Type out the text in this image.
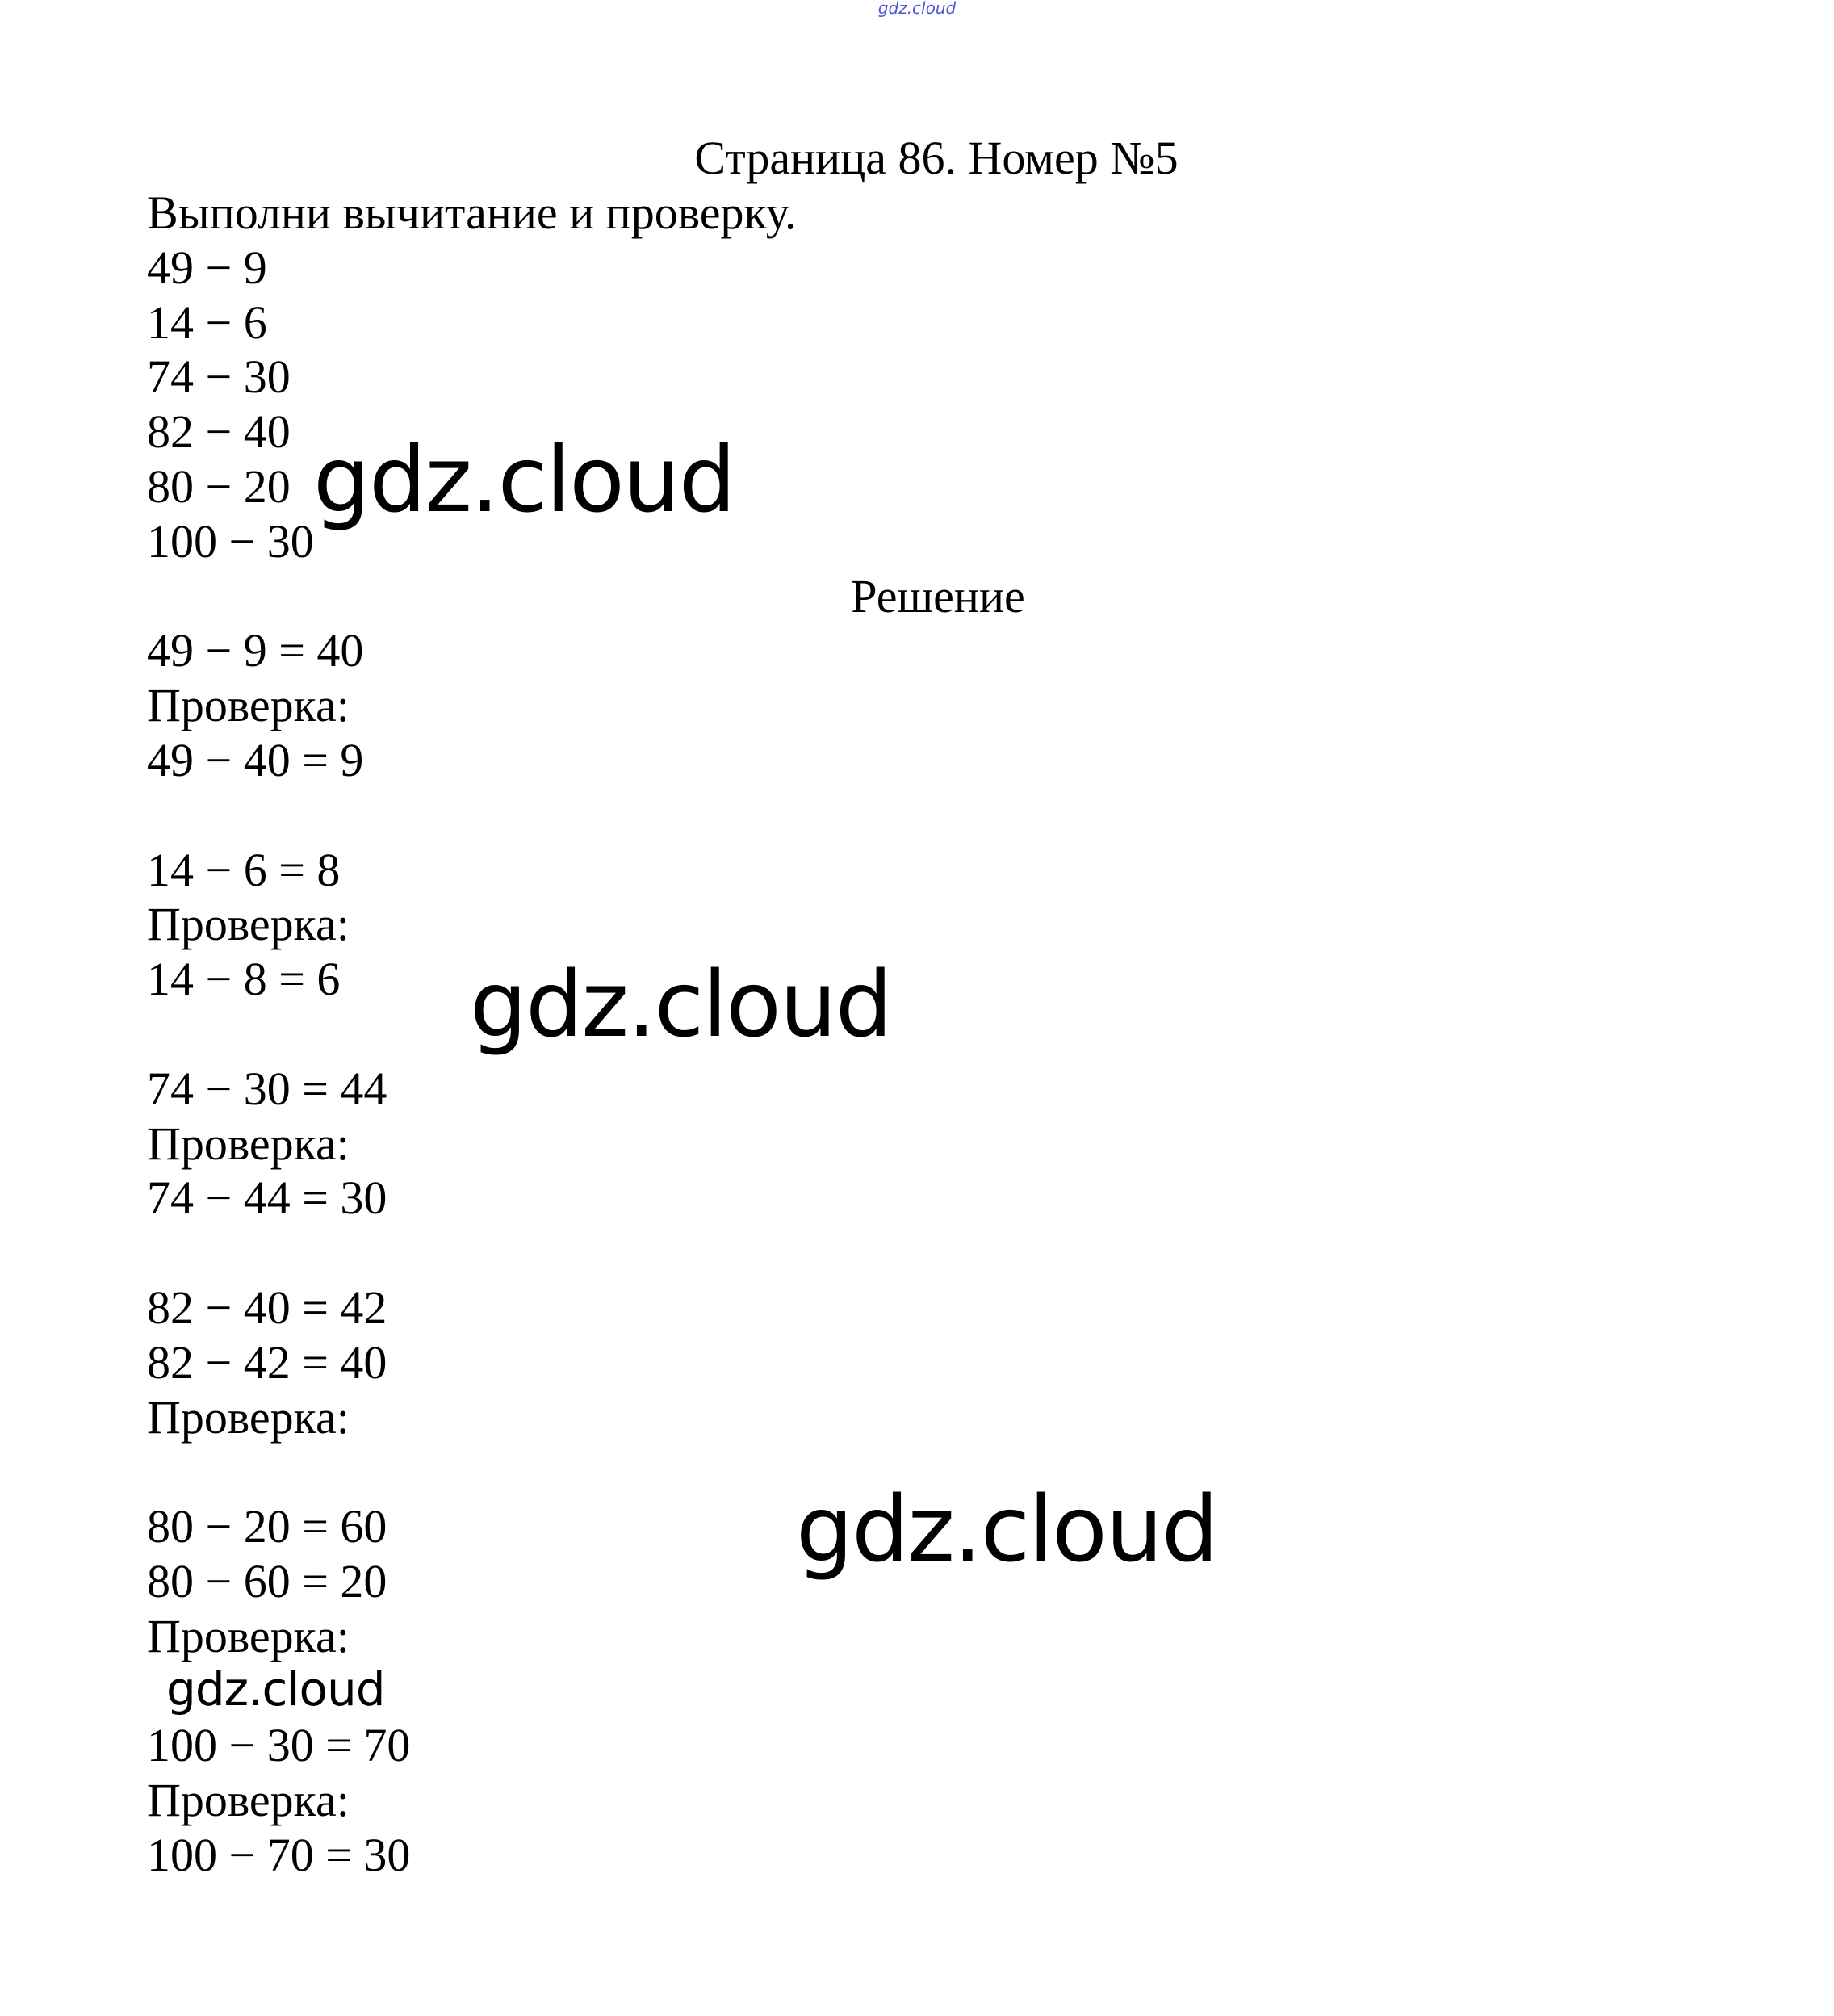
gdz.cloud
Страница 86. Номер №5
Выполни вычитание и проверку.
49 − 9
14 − 6
74 − 30
82 − 40
80 − 20
100 − 30
Решение
49 − 9 = 40
Проверка:
49 − 40 = 9
14 − 6 = 8
Проверка:
14 − 8 = 6
74 − 30 = 44
Проверка:
74 − 44 = 30
82 − 40 = 42
82 − 42 = 40
Проверка:
80 − 20 = 60
80 − 60 = 20
Проверка:
100 − 30 = 70
Проверка:
100 − 70 = 30
gdz.cloud
gdz.cloud
gdz.cloud
gdz.cloud
